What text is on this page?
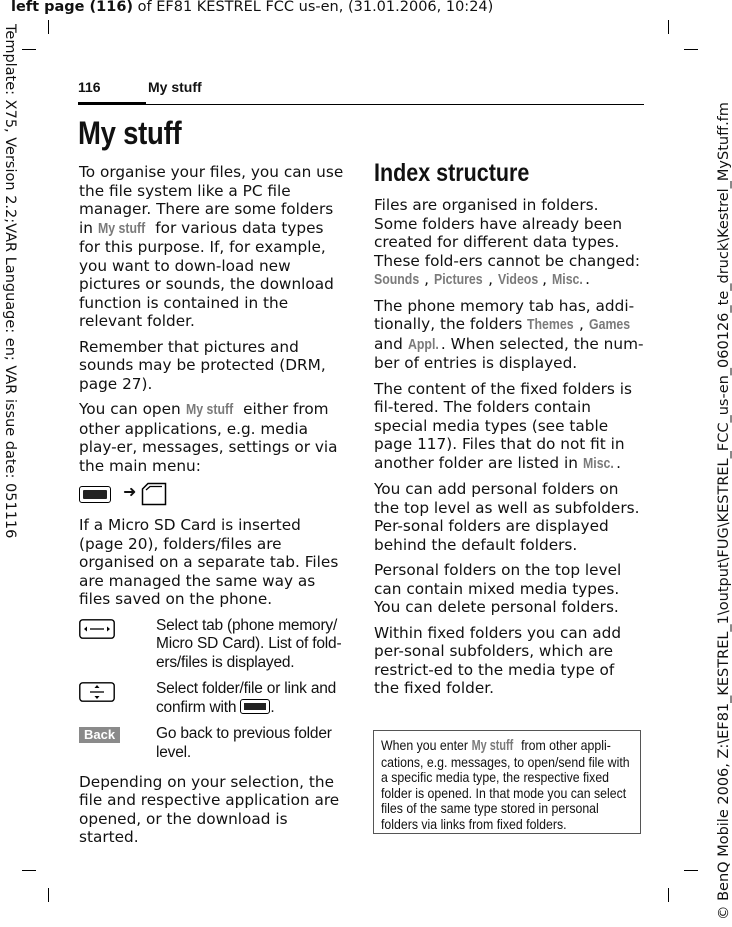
left page (116) of EF81 KESTREL FCC us-en, (31.01.2006, 10:24)
Template: X75, Version 2.2;VAR Language: en; VAR issue date: 051116	© BenQ Mobile 2006, Z:\EF81_KESTREL_1\output\FUG\KESTREL_FCC_us-en_060126_te_druck\Kestrel_MyStuff.fm
116	My stuff
My stuff

To organise your files, you can use the file system like a PC file manager. There are some folders in My stuff for various data types for this purpose. If, for example, you want to down-load new pictures or sounds, the download function is contained in the relevant folder.

Remember that pictures and sounds may be protected (DRM, page 27).

You can open My stuff either from other applications, e.g. media play-er, messages, settings or via the main menu:

➜

If a Micro SD Card is inserted (page 20), folders/files are organised on a separate tab. Files are managed the same way as files saved on the phone.

Select tab (phone memory/ Micro SD Card). List of fold-ers/files is displayed.
Select folder/file or link and confirm with .
Back	Go back to previous folder level.

Depending on your selection, the file and respective application are opened, or the download is started.

Index structure

Files are organised in folders. Some folders have already been created for different data types. These fold-ers cannot be changed: Sounds , Pictures , Videos , Misc. .

The phone memory tab has, addi-tionally, the folders Themes , Games and Appl. . When selected, the num-ber of entries is displayed.

The content of the fixed folders is fil-tered. The folders contain special media types (see table page 117). Files that do not fit in another folder are listed in Misc. .

You can add personal folders on the top level as well as subfolders. Per-sonal folders are displayed behind the default folders.

Personal folders on the top level can contain mixed media types. You can delete personal folders.

Within fixed folders you can add per-sonal subfolders, which are restrict-ed to the media type of the fixed folder.

When you enter My stuff from other appli-cations, e.g. messages, to open/send file with a specific media type, the respective fixed folder is opened. In that mode you can select files of the same type stored in personal folders via links from fixed folders.
